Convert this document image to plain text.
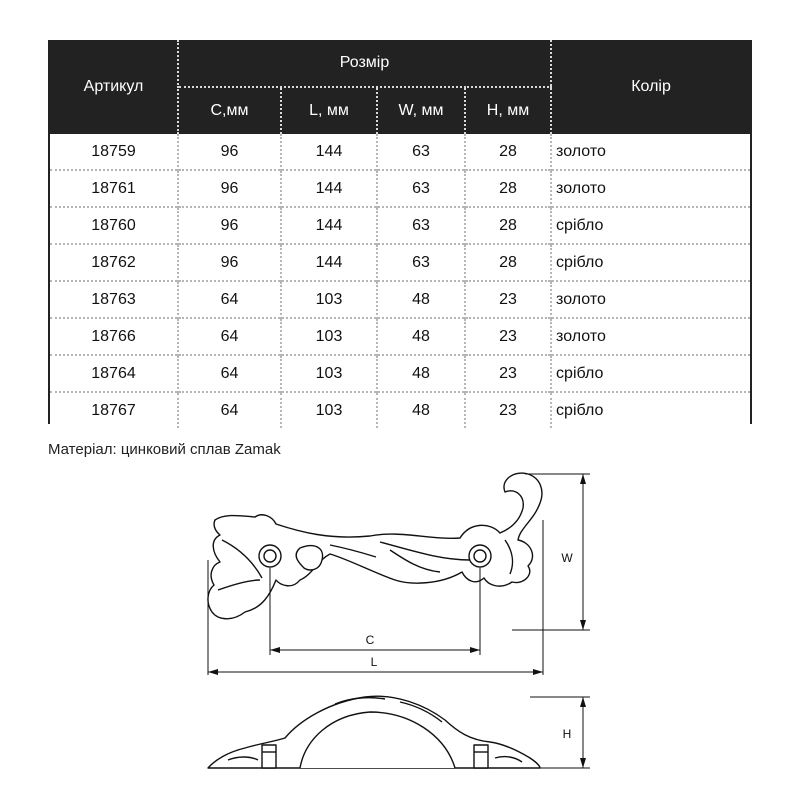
Артикул	Розмір				Колір
	C,мм	L, мм	W, мм	H, мм	
18759	96	144	63	28	золото
18761	96	144	63	28	золото
18760	96	144	63	28	срібло
18762	96	144	63	28	срібло
18763	64	103	48	23	золото
18766	64	103	48	23	золото
18764	64	103	48	23	срібло
18767	64	103	48	23	срібло
Матеріал: цинковий сплав Zamak
C
L
W
H
